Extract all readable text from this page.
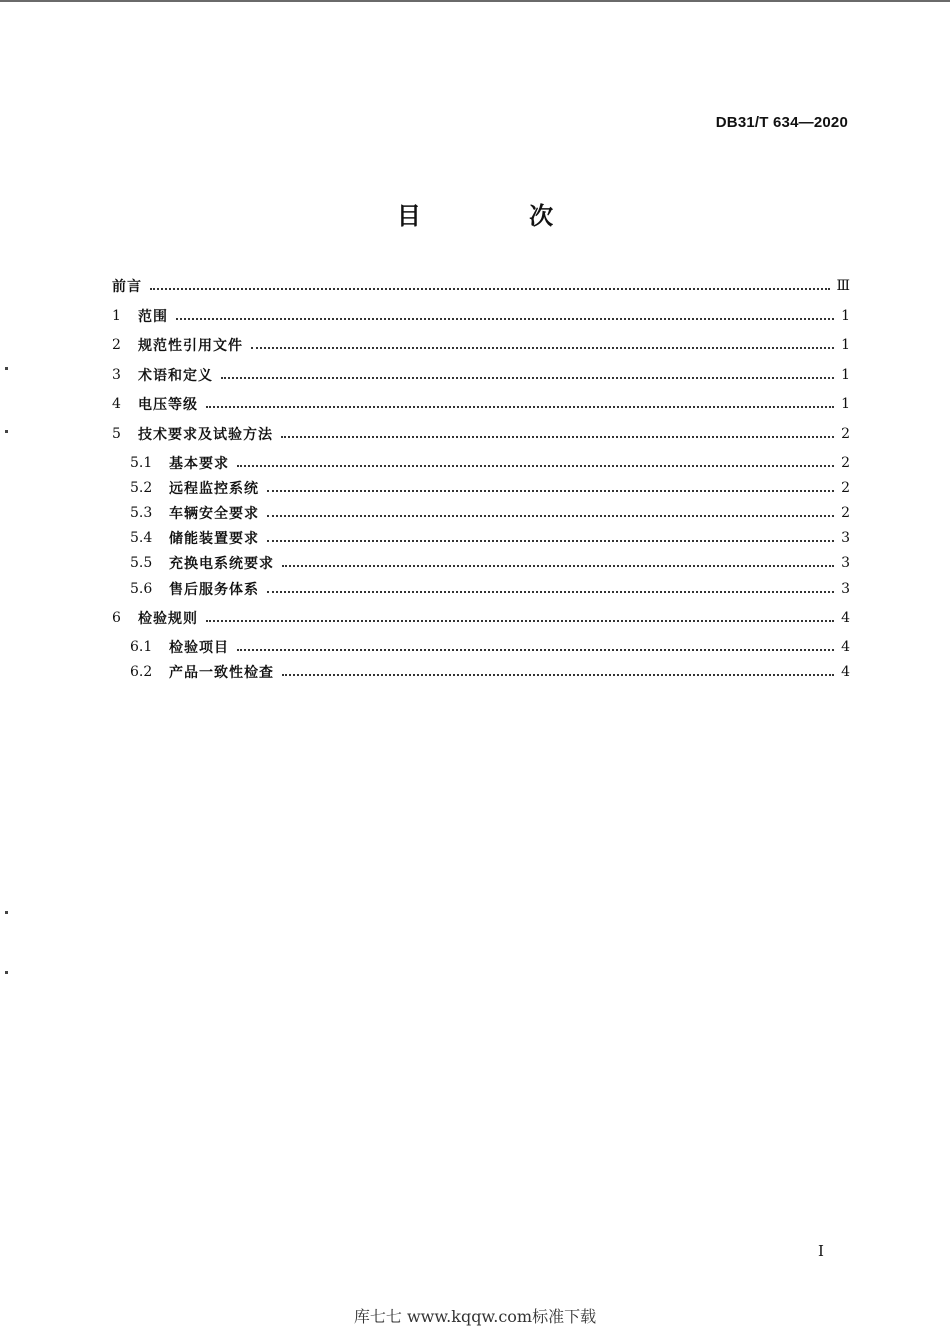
DB31/T 634—2020
目 次
前言	Ⅲ
1	范围	1
2	规范性引用文件	1
3	术语和定义	1
4	电压等级	1
5	技术要求及试验方法	2
5.1	基本要求	2
5.2	远程监控系统	2
5.3	车辆安全要求	2
5.4	储能装置要求	3
5.5	充换电系统要求	3
5.6	售后服务体系	3
6	检验规则	4
6.1	检验项目	4
6.2	产品一致性检查	4
I
库七七 www.kqqw.com标准下载
